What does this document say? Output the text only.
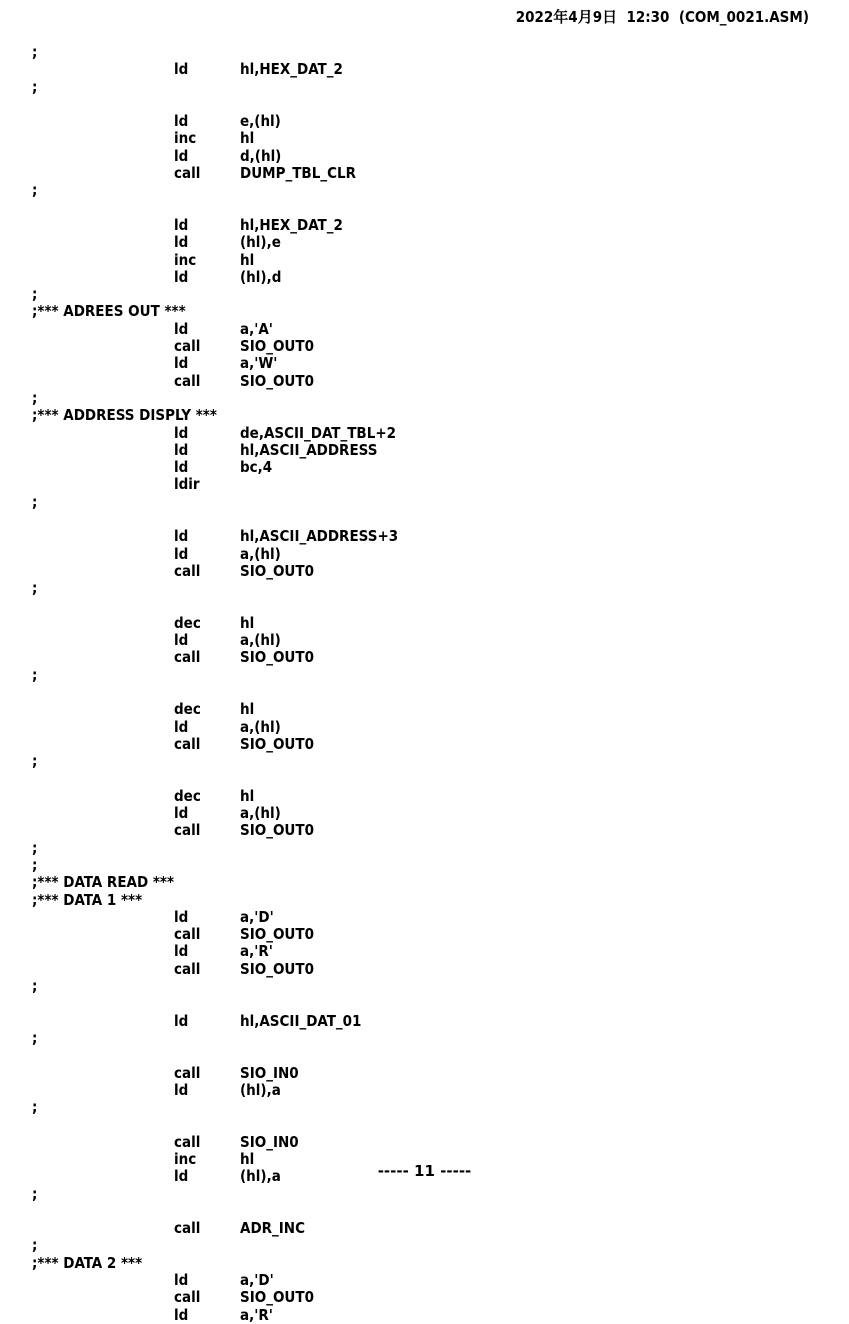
2022年4月9日  12:30  (COM_0021.ASM)
;
ld	hl,HEX_DAT_2
;
ld	e,(hl)
inc	hl
ld	d,(hl)
call	DUMP_TBL_CLR
;
ld	hl,HEX_DAT_2
ld	(hl),e
inc	hl
ld	(hl),d
;
;*** ADREES OUT ***
ld	a,'A'
call	SIO_OUT0
ld	a,'W'
call	SIO_OUT0
;
;*** ADDRESS DISPLY ***
ld	de,ASCII_DAT_TBL+2
ld	hl,ASCII_ADDRESS
ld	bc,4
ldir
;
ld	hl,ASCII_ADDRESS+3
ld	a,(hl)
call	SIO_OUT0
;
dec	hl
ld	a,(hl)
call	SIO_OUT0
;
dec	hl
ld	a,(hl)
call	SIO_OUT0
;
dec	hl
ld	a,(hl)
call	SIO_OUT0
;
;
;*** DATA READ ***
;*** DATA 1 ***
ld	a,'D'
call	SIO_OUT0
ld	a,'R'
call	SIO_OUT0
;
ld	hl,ASCII_DAT_01
;
call	SIO_IN0
ld	(hl),a
;
call	SIO_IN0
inc	hl
ld	(hl),a
;
call	ADR_INC
;
;*** DATA 2 ***
ld	a,'D'
call	SIO_OUT0
ld	a,'R'
----- 11 -----
